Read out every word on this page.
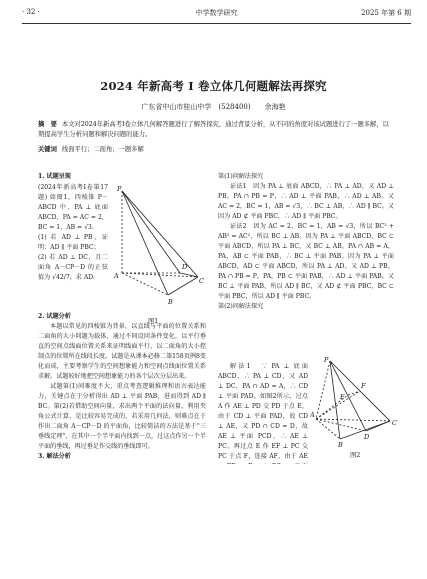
· 32 ·	中学数学研究	2025 年第 6 期
2024 年新高考 I 卷立体几何题解法再探究
广东省中山市桂山中学　(528400)　　余海艳
摘　要 本文对2024年新高考I卷立体几何解答题进行了解答探究，通过背景分析，从不同的角度对该试题进行了一题多解，以期提高学生分析问题和解决问题的能力。
关键词 线面平行；二面角；一题多解

1. 试题呈现

(2024年新高考I卷第17题) 如图1，四棱锥 P－ABCD 中，PA ⊥ 底面 ABCD，PA = AC = 2，BC = 1，AB = √3.

(1) 若 AD ⊥ PB，证明：AD ∥ 平面 PBC；

(2) 若 AD ⊥ DC，且二面角 A－CP－D 的正弦值为 √42/7，求 AD.

P
D
A
C
B
图1

2. 试题分析

本题以常见的四棱锥为背景，以直线与平面的位置关系和二面角的大小问题为载体，通过不同设问条件变化，以平行垂直的空间点线面位置关系来证明线面平行，以二面角的大小控制点的位置所在线段长度。试题是从课本必修二第158页例8变化而成，主要考察学生的空间想象能力和空间点线面位置关系求解。试题较好地把空间想象能力的各个层次分层出来。

试题第(1)问难度不大，重点考查逻辑推理和语言表达能力，关键点在于分析得出 AD ⊥ 平面 PAB，进而得到 AD ∥ BC。第(2)若借助空间向量，求出两个平面的法向量，利用夹角公式计算，是比较容易完成的，若采用几何法，则难点在于作出二面角 A－CP－D 的平面角，比较简洁的方法是基于"三垂线定理"，在其中一个半平面内找到一点，过这点作另一个半平面的垂线，再过垂足作交线的垂线即可。

3. 解法分析

第(1)问解法探究

证法1　因为 PA ⊥ 底面 ABCD，∴ PA ⊥ AD，又 AD ⊥ PB，PA ∩ PB = P，∴ AD ⊥ 平面 PAB，∴ AD ⊥ AB。又 AC = 2，BC = 1，AB = √3，∴ BC ⊥ AB，∴ AD ∥ BC。又因为 AD ⊄ 平面 PBC，∴ AD ∥ 平面 PBC。

证法2　因为 AC = 2，BC = 1，AB = √3，所以 BC² + AB² = AC²，所以 BC ⊥ AB。因为 PA ⊥ 平面 ABCD，BC ⊂ 平面 ABCD，所以 PA ⊥ BC，又 BC ⊥ AB，PA ∩ AB = A，PA，AB ⊂ 平面 PAB，∴ BC ⊥ 平面 PAB。因为 PA ⊥ 平面 ABCD，AD ⊂ 平面 ABCD，所以 PA ⊥ AD。又 AD ⊥ PB，PA ∩ PB = P，PA，PB ⊂ 平面 PAB，∴ AD ⊥ 平面 PAB。又 BC ⊥ 平面 PAB，所以 AD ∥ BC，又 AD ⊄ 平面 PBC，BC ⊂ 平面 PBC，所以 AD ∥ 平面 PBC。

第(2)问解法探究

解法1　∵ PA ⊥ 底面 ABCD，∴ PA ⊥ CD，又 AD ⊥ DC，PA ∩ AD = A，∴ CD ⊥ 平面 PAD。如图2所示，过点 A 作 AE ⊥ PD 交 PD 于点 E，由于 CD ⊥ 平面 PAD，故 CD ⊥ AE，又 PD ∩ CD = D，故 AE ⊥ 平面 PCD，∴ AE ⊥ PC。再过点 E 作 EF ⊥ PC 交 PC 于点 F，连接 AF，由于 AE

P
E
F
A
D
B
C
图2
